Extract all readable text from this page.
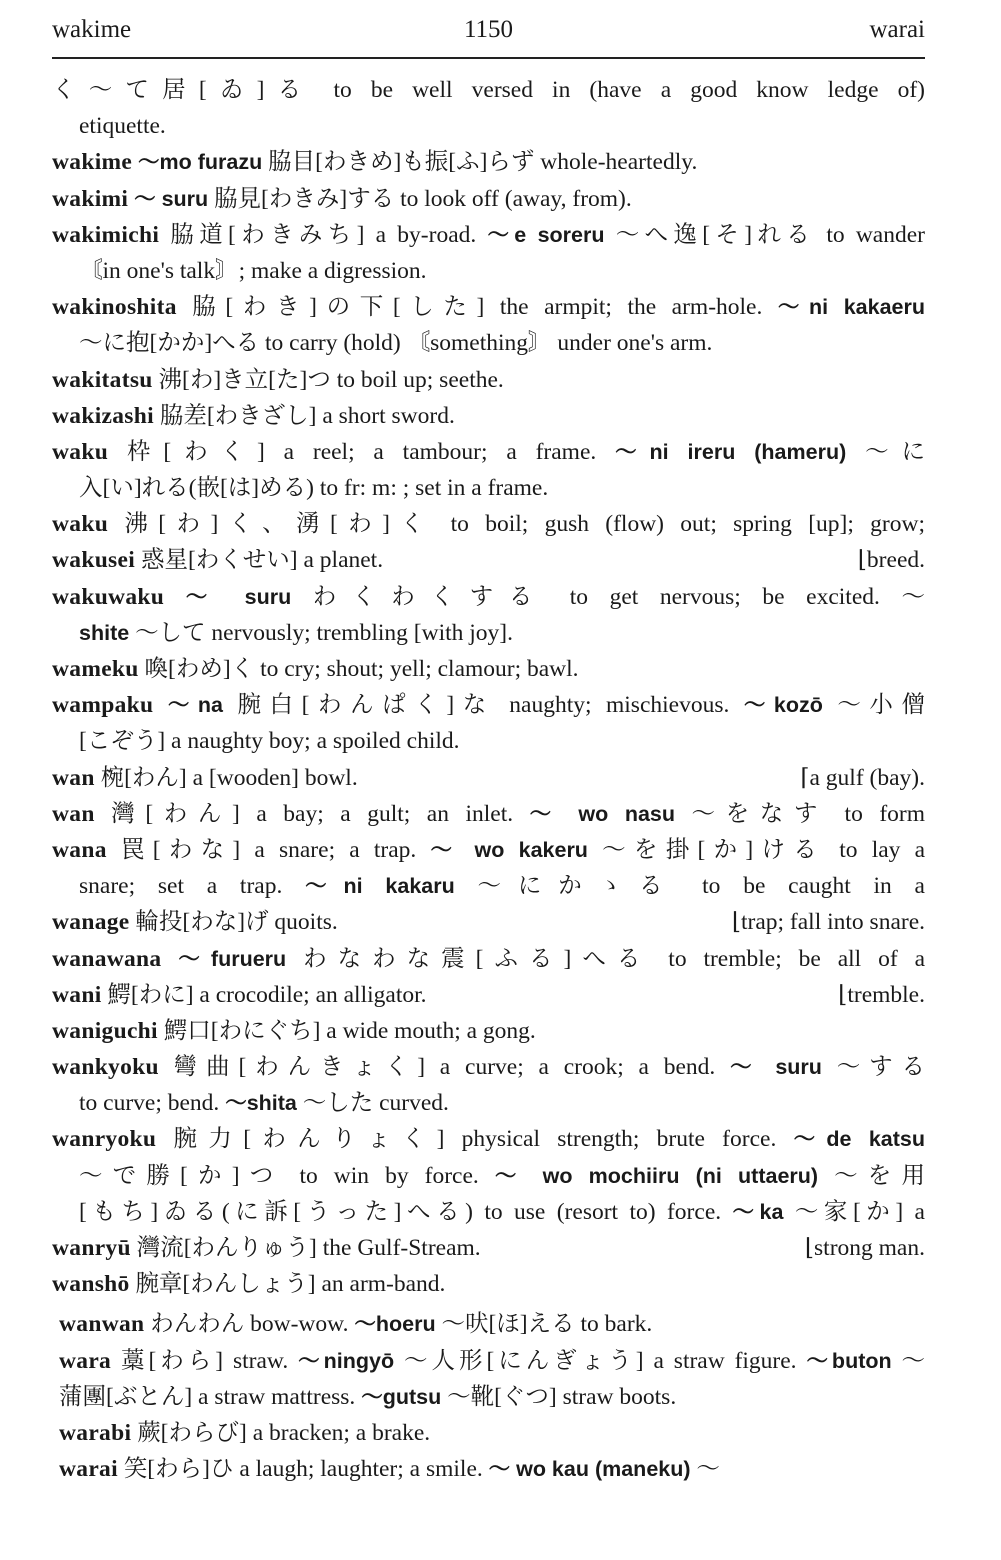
wakime	1150	warai
く〜て居[ゐ]る to be well versed in (have a good know ledge of)
etiquette.
wakime 〜mo furazu 脇目[わきめ]も振[ふ]らず whole-heartedly.
wakimi 〜 suru 脇見[わきみ]する to look off (away, from).
wakimichi 脇道[わきみち] a by-road. 〜e soreru 〜へ逸[そ]れる to wander
〘in one's talk〙; make a digression.
wakinoshita 脇[わき]の下[した] the armpit; the arm-hole. 〜ni kakaeru
〜に抱[かか]へる to carry (hold) 〘something〙 under one's arm.
wakitatsu 沸[わ]き立[た]つ to boil up; seethe.
wakizashi 脇差[わきざし] a short sword.
waku 枠[わく] a reel; a tambour; a frame. 〜ni ireru (hameru) 〜に
入[い]れる(嵌[は]める) to fr: m: ; set in a frame.
waku 沸[わ]く、湧[わ]く to boil; gush (flow) out; spring [up]; grow;
wakusei 惑星[わくせい] a planet.	⌊breed.
wakuwaku 〜 suru わくわくする to get nervous; be excited. 〜
shite 〜して nervously; trembling [with joy].
wameku 喚[わめ]く to cry; shout; yell; clamour; bawl.
wampaku 〜na 腕白[わんぱく]な naughty; mischievous. 〜kozō 〜小僧
[こぞう] a naughty boy; a spoiled child.
wan 椀[わん] a [wooden] bowl.	⌈a gulf (bay).
wan 灣[わん] a bay; a gult; an inlet. 〜 wo nasu 〜をなす to form
wana 罠[わな] a snare; a trap. 〜 wo kakeru 〜を掛[か]ける to lay a
snare; set a trap. 〜ni kakaru 〜にかゝる to be caught in a
wanage 輪投[わな]げ quoits.	⌊trap; fall into snare.
wanawana 〜furueru わなわな震[ふる]へる to tremble; be all of a
wani 鰐[わに] a crocodile; an alligator.	⌊tremble.
waniguchi 鰐口[わにぐち] a wide mouth; a gong.
wankyoku 彎曲[わんきょく] a curve; a crook; a bend. 〜 suru 〜する
to curve; bend. 〜shita 〜した curved.
wanryoku 腕力[わんりょく] physical strength; brute force. 〜de katsu
〜で勝[か]つ to win by force. 〜 wo mochiiru (ni uttaeru) 〜を用
[もち]ゐる(に訴[うった]へる) to use (resort to) force. 〜ka 〜家[か] a
wanryū 灣流[わんりゅう] the Gulf-Stream.	⌊strong man.
wanshō 腕章[わんしょう] an arm-band.
wanwan わんわん bow-wow. 〜hoeru 〜吠[ほ]える to bark.
wara 藁[わら] straw. 〜ningyō 〜人形[にんぎょう] a straw figure. 〜buton 〜
蒲團[ぶとん] a straw mattress. 〜gutsu 〜靴[ぐつ] straw boots.
warabi 蕨[わらび] a bracken; a brake.
warai 笑[わら]ひ a laugh; laughter; a smile. 〜 wo kau (maneku) 〜
